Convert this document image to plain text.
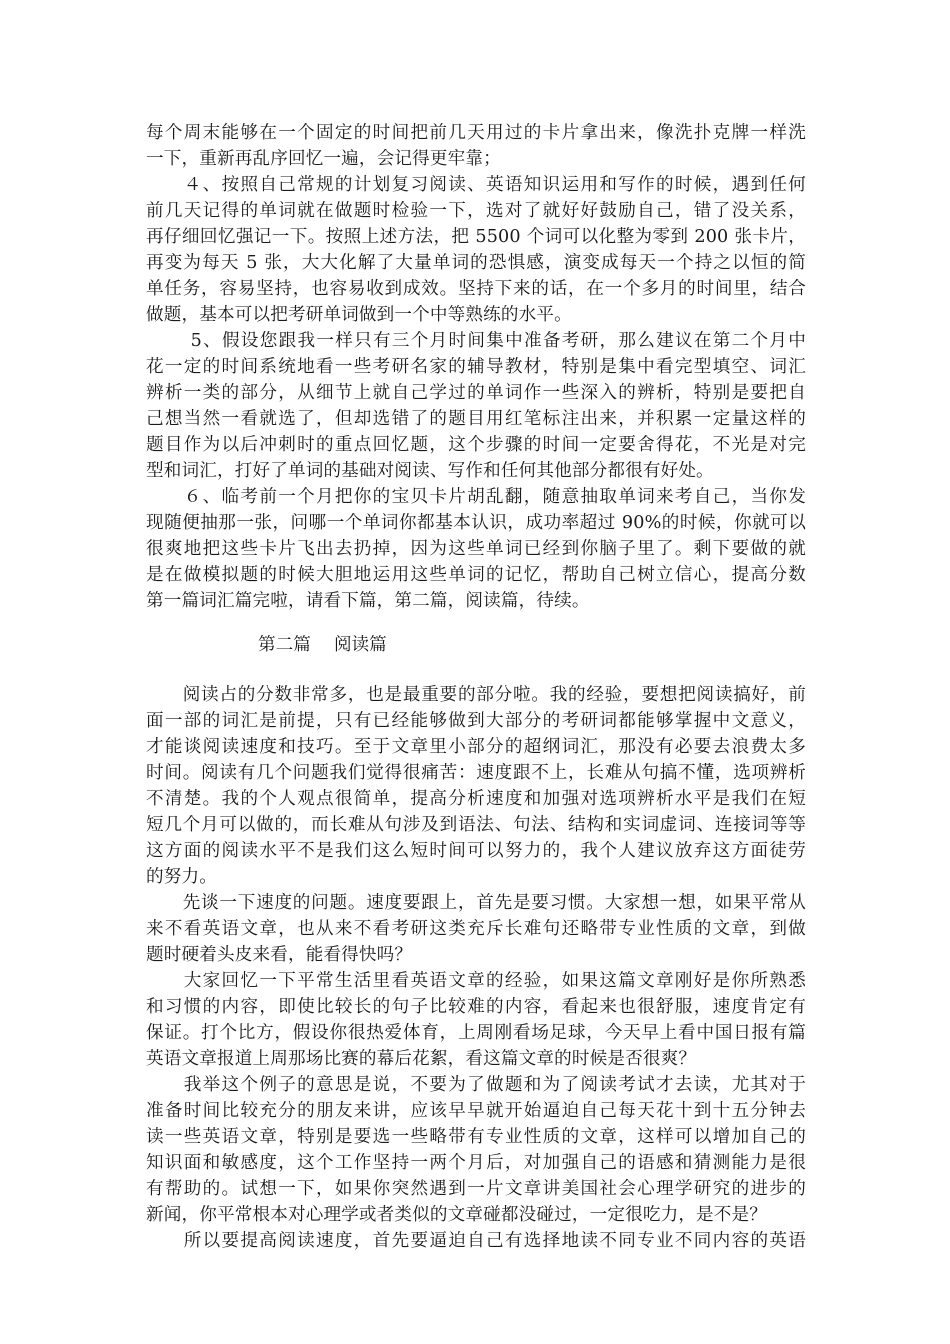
每个周末能够在一个固定的时间把前几天用过的卡片拿出来，像洗扑克牌一样洗
一下，重新再乱序回忆一遍，会记得更牢靠；
　　４、按照自己常规的计划复习阅读、英语知识运用和写作的时候，遇到任何
前几天记得的单词就在做题时检验一下，选对了就好好鼓励自己，错了没关系，
再仔细回忆强记一下。按照上述方法，把 5500 个词可以化整为零到 200 张卡片，
再变为每天 5 张，大大化解了大量单词的恐惧感，演变成每天一个持之以恒的简
单任务，容易坚持，也容易收到成效。坚持下来的话，在一个多月的时间里，结合
做题，基本可以把考研单词做到一个中等熟练的水平。
　　 5、假设您跟我一样只有三个月时间集中准备考研，那么建议在第二个月中
花一定的时间系统地看一些考研名家的辅导教材，特别是集中看完型填空、词汇
辨析一类的部分，从细节上就自己学过的单词作一些深入的辨析，特别是要把自
己想当然一看就选了，但却选错了的题目用红笔标注出来，并积累一定量这样的
题目作为以后冲刺时的重点回忆题，这个步骤的时间一定要舍得花，不光是对完
型和词汇，打好了单词的基础对阅读、写作和任何其他部分都很有好处。
　　６、临考前一个月把你的宝贝卡片胡乱翻，随意抽取单词来考自己，当你发
现随便抽那一张，问哪一个单词你都基本认识，成功率超过 90%的时候，你就可以
很爽地把这些卡片飞出去扔掉，因为这些单词已经到你脑子里了。剩下要做的就
是在做模拟题的时候大胆地运用这些单词的记忆，帮助自己树立信心，提高分数
第一篇词汇篇完啦，请看下篇，第二篇，阅读篇，待续。
第二篇　 阅读篇
　　阅读占的分数非常多，也是最重要的部分啦。我的经验，要想把阅读搞好，前
面一部的词汇是前提，只有已经能够做到大部分的考研词都能够掌握中文意义，
才能谈阅读速度和技巧。至于文章里小部分的超纲词汇，那没有必要去浪费太多
时间。阅读有几个问题我们觉得很痛苦：速度跟不上，长难从句搞不懂，选项辨析
不清楚。我的个人观点很简单，提高分析速度和加强对选项辨析水平是我们在短
短几个月可以做的，而长难从句涉及到语法、句法、结构和实词虚词、连接词等等
这方面的阅读水平不是我们这么短时间可以努力的，我个人建议放弃这方面徒劳
的努力。
　　先谈一下速度的问题。速度要跟上，首先是要习惯。大家想一想，如果平常从
来不看英语文章，也从来不看考研这类充斥长难句还略带专业性质的文章，到做
题时硬着头皮来看，能看得快吗？
　　大家回忆一下平常生活里看英语文章的经验，如果这篇文章刚好是你所熟悉
和习惯的内容，即使比较长的句子比较难的内容，看起来也很舒服，速度肯定有
保证。打个比方，假设你很热爱体育，上周刚看场足球，今天早上看中国日报有篇
英语文章报道上周那场比赛的幕后花絮，看这篇文章的时候是否很爽？
　　我举这个例子的意思是说，不要为了做题和为了阅读考试才去读，尤其对于
准备时间比较充分的朋友来讲，应该早早就开始逼迫自己每天花十到十五分钟去
读一些英语文章，特别是要选一些略带有专业性质的文章，这样可以增加自己的
知识面和敏感度，这个工作坚持一两个月后，对加强自己的语感和猜测能力是很
有帮助的。试想一下，如果你突然遇到一片文章讲美国社会心理学研究的进步的
新闻，你平常根本对心理学或者类似的文章碰都没碰过，一定很吃力，是不是？
　　所以要提高阅读速度，首先要逼迫自己有选择地读不同专业不同内容的英语
